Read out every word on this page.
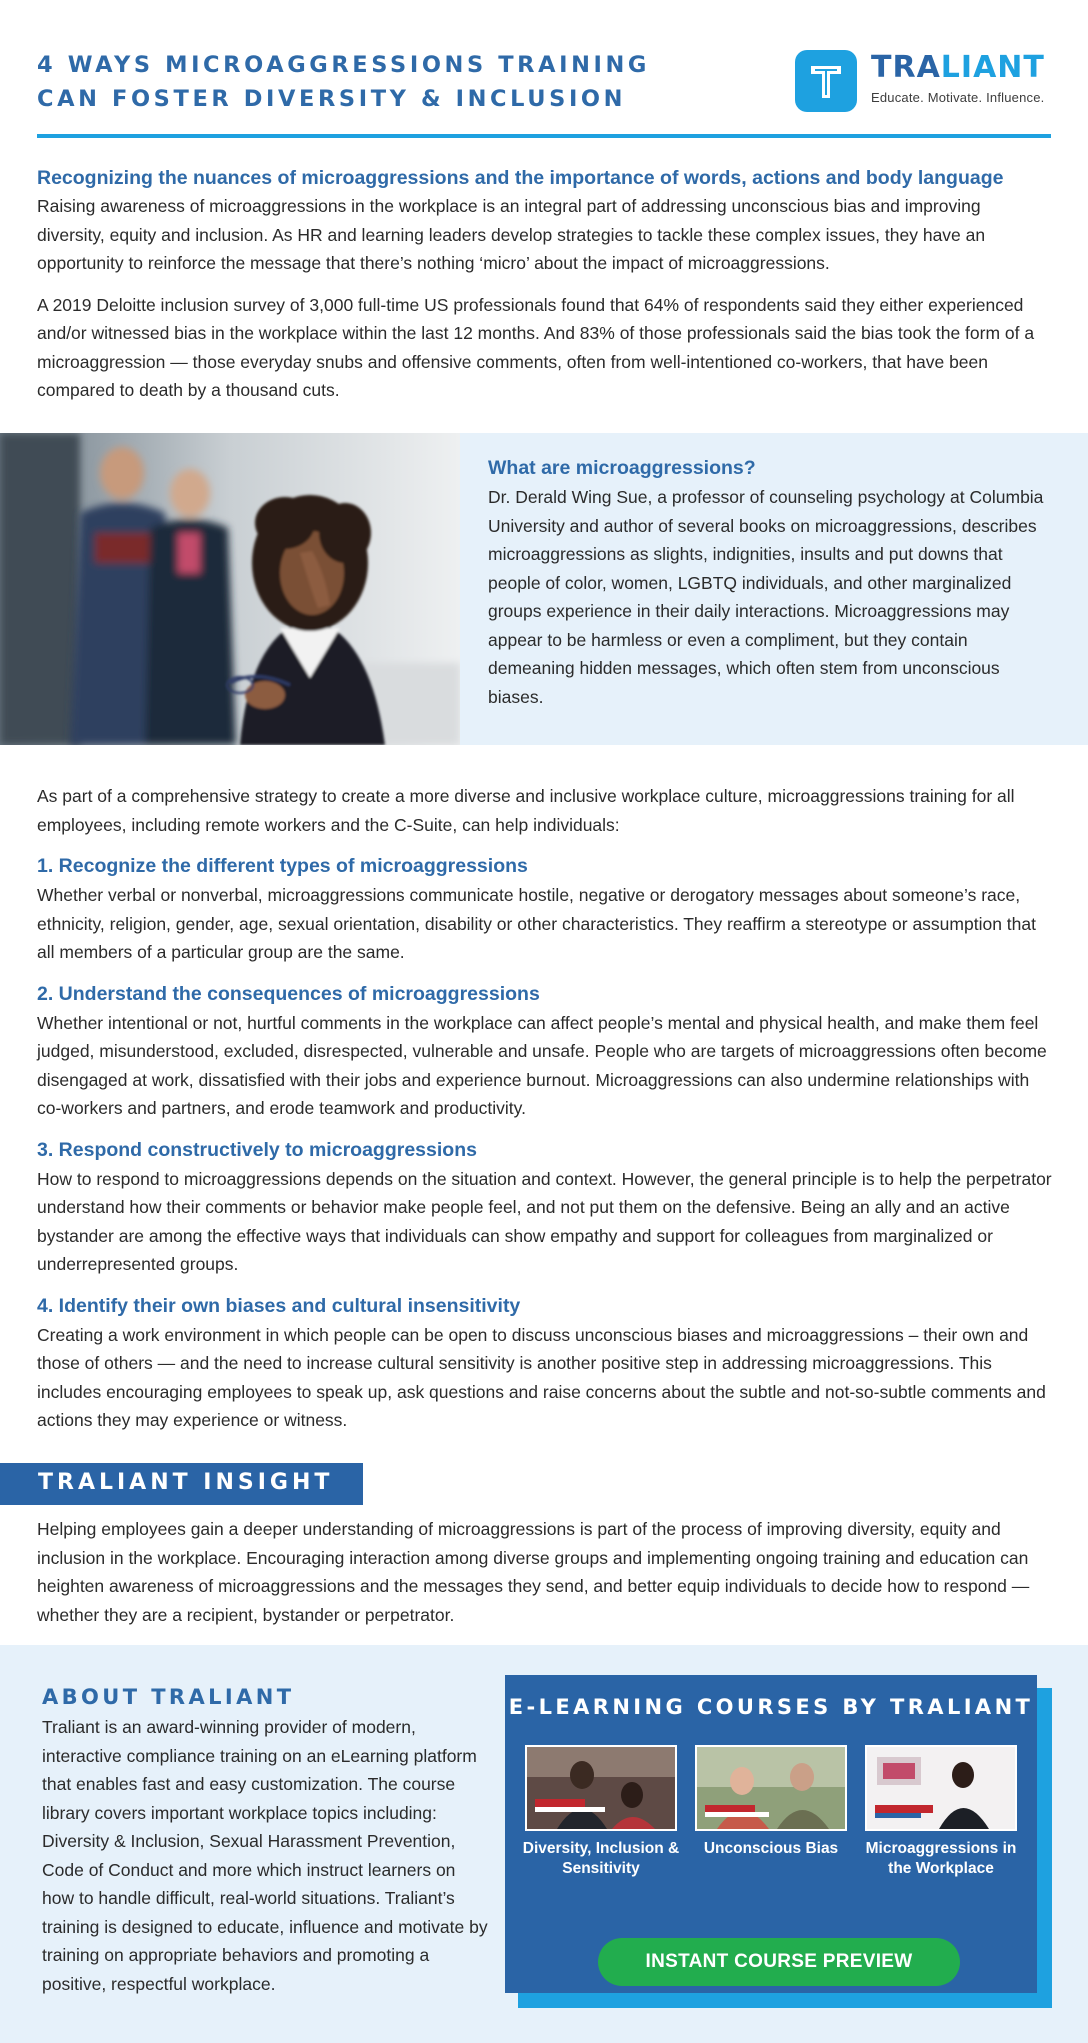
4 WAYS MICROAGGRESSIONS TRAINING
CAN FOSTER DIVERSITY & INCLUSION
TRALIANT
Educate. Motivate. Influence.
Recognizing the nuances of microaggressions and the importance of words, actions and body language

Raising awareness of microaggressions in the workplace is an integral part of addressing unconscious bias and improving diversity, equity and inclusion. As HR and learning leaders develop strategies to tackle these complex issues, they have an opportunity to reinforce the message that there’s nothing ‘micro’ about the impact of microaggressions.

A 2019 Deloitte inclusion survey of 3,000 full-time US professionals found that 64% of respondents said they either experienced and/or witnessed bias in the workplace within the last 12 months. And 83% of those professionals said the bias took the form of a microaggression — those everyday snubs and offensive comments, often from well-intentioned co-workers, that have been compared to death by a thousand cuts.

What are microaggressions?

Dr. Derald Wing Sue, a professor of counseling psychology at Columbia University and author of several books on microaggressions, describes microaggressions as slights, indignities, insults and put downs that people of color, women, LGBTQ individuals, and other marginalized groups experience in their daily interactions. Microaggressions may appear to be harmless or even a compliment, but they contain demeaning hidden messages, which often stem from unconscious biases.

As part of a comprehensive strategy to create a more diverse and inclusive workplace culture, microaggressions training for all employees, including remote workers and the C-Suite, can help individuals:

1. Recognize the different types of microaggressions

Whether verbal or nonverbal, microaggressions communicate hostile, negative or derogatory messages about someone’s race, ethnicity, religion, gender, age, sexual orientation, disability or other characteristics. They reaffirm a stereotype or assumption that all members of a particular group are the same.

2. Understand the consequences of microaggressions

Whether intentional or not, hurtful comments in the workplace can affect people’s mental and physical health, and make them feel judged, misunderstood, excluded, disrespected, vulnerable and unsafe. People who are targets of microaggressions often become disengaged at work, dissatisfied with their jobs and experience burnout. Microaggressions can also undermine relationships with co-workers and partners, and erode teamwork and productivity.

3. Respond constructively to microaggressions

How to respond to microaggressions depends on the situation and context. However, the general principle is to help the perpetrator understand how their comments or behavior make people feel, and not put them on the defensive. Being an ally and an active bystander are among the effective ways that individuals can show empathy and support for colleagues from marginalized or underrepresented groups.

4. Identify their own biases and cultural insensitivity

Creating a work environment in which people can be open to discuss unconscious biases and microaggressions – their own and those of others — and the need to increase cultural sensitivity is another positive step in addressing microaggressions. This includes encouraging employees to speak up, ask questions and raise concerns about the subtle and not-so-subtle comments and actions they may experience or witness.

TRALIANT INSIGHT
Helping employees gain a deeper understanding of microaggressions is part of the process of improving diversity, equity and inclusion in the workplace. Encouraging interaction among diverse groups and implementing ongoing training and education can heighten awareness of microaggressions and the messages they send, and better equip individuals to decide how to respond — whether they are a recipient, bystander or perpetrator.
ABOUT TRALIANT
Traliant is an award-winning provider of modern, interactive compliance training on an eLearning platform that enables fast and easy customization. The course library covers important workplace topics including: Diversity & Inclusion, Sexual Harassment Prevention, Code of Conduct and more which instruct learners on how to handle difficult, real-world situations. Traliant’s training is designed to educate, influence and motivate by training on appropriate behaviors and promoting a positive, respectful workplace.
E-LEARNING COURSES BY TRALIANT
Diversity, Inclusion & Sensitivity
Unconscious Bias	Microaggressions in the Workplace
INSTANT COURSE PREVIEW
